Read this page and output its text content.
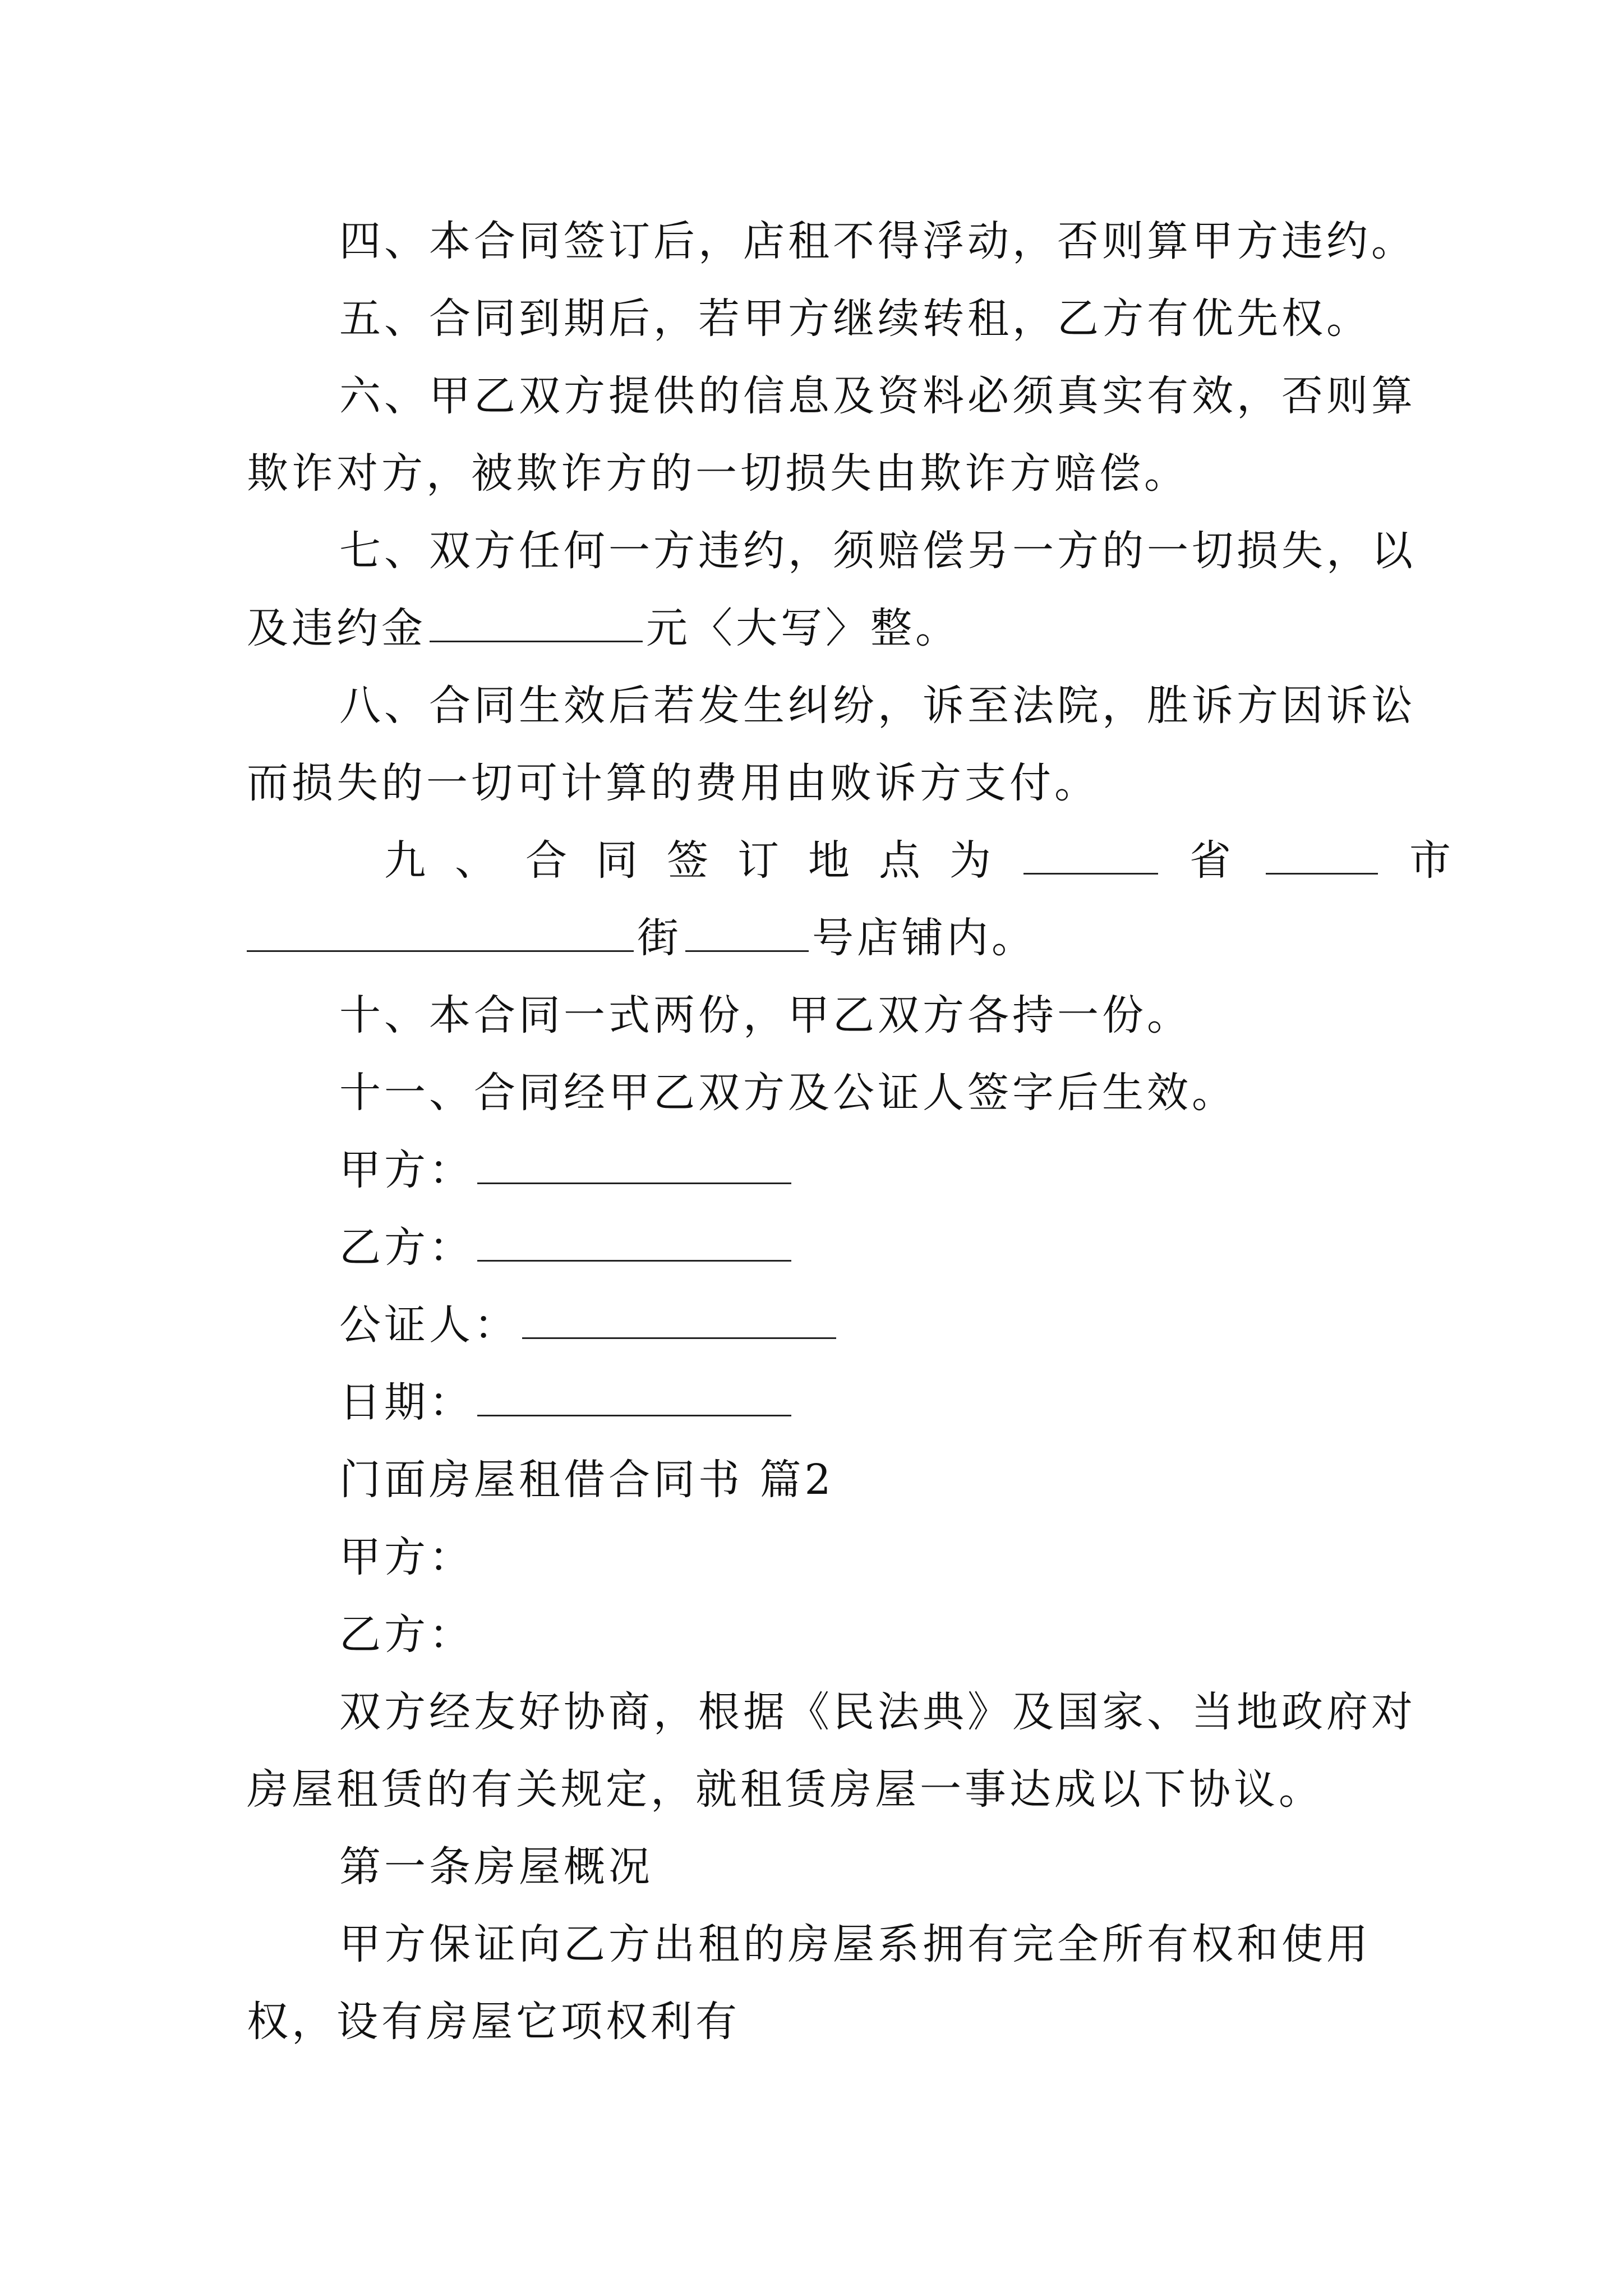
四、本合同签订后，店租不得浮动，否则算甲方违约。
五、合同到期后，若甲方继续转租，乙方有优先权。
六、甲乙双方提供的信息及资料必须真实有效，否则算
欺诈对方，被欺诈方的一切损失由欺诈方赔偿。
七、双方任何一方违约，须赔偿另一方的一切损失，以
及违约金	元〈大写〉整。
八、合同生效后若发生纠纷，诉至法院，胜诉方因诉讼
而损失的一切可计算的费用由败诉方支付。
九、合同签订地点为	省	市
街	号店铺内。
十、本合同一式两份，甲乙双方各持一份。
十一、合同经甲乙双方及公证人签字后生效。
甲方：
乙方：
公证人：
日期：
门面房屋租借合同书 篇2
甲方：
乙方：
双方经友好协商，根据《民法典》及国家、当地政府对
房屋租赁的有关规定，就租赁房屋一事达成以下协议。
第一条房屋概况
甲方保证向乙方出租的房屋系拥有完全所有权和使用
权，设有房屋它项权利有
